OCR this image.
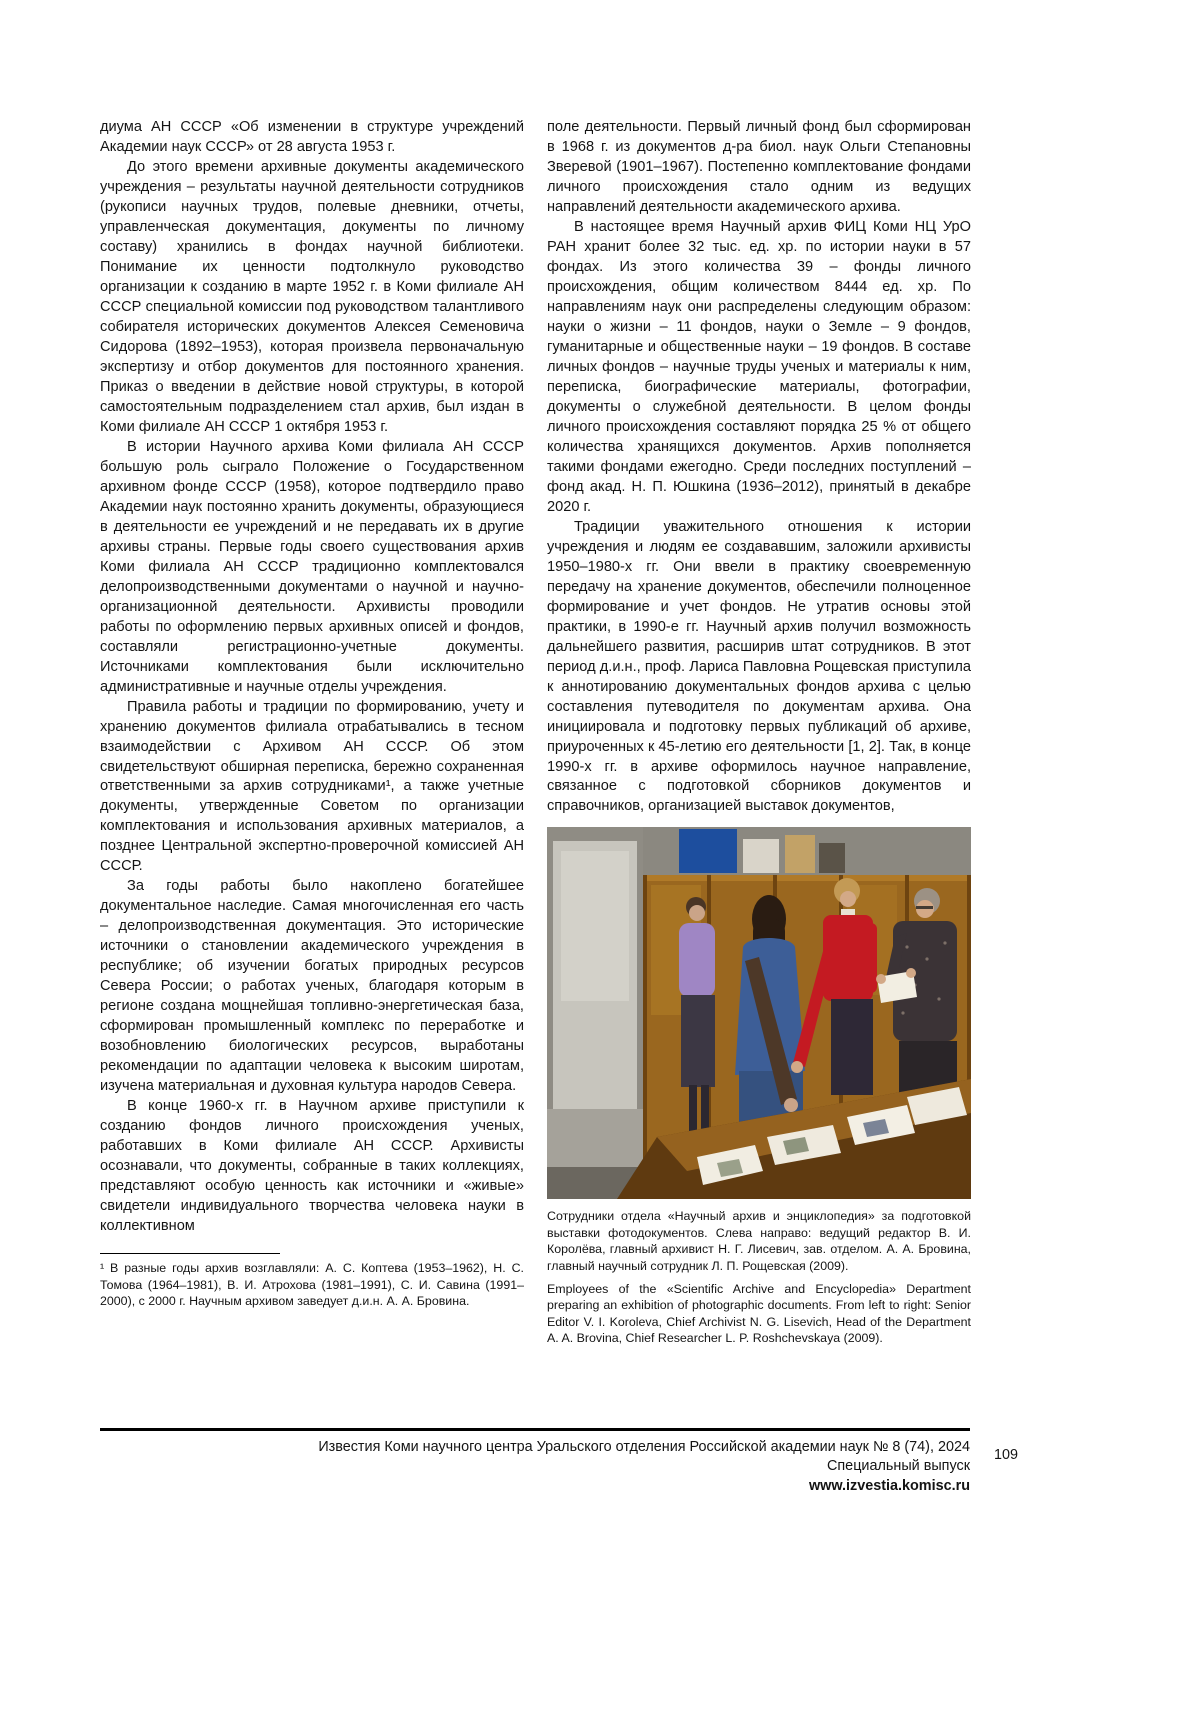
диума АН СССР «Об изменении в структуре учреждений Академии наук СССР» от 28 августа 1953 г.

До этого времени архивные документы академического учреждения – результаты научной деятельности сотрудников (рукописи научных трудов, полевые дневники, отчеты, управленческая документация, документы по личному составу) хранились в фондах научной библиотеки. Понимание их ценности подтолкнуло руководство организации к созданию в марте 1952 г. в Коми филиале АН СССР специальной комиссии под руководством талантливого собирателя исторических документов Алексея Семеновича Сидорова (1892–1953), которая произвела первоначальную экспертизу и отбор документов для постоянного хранения. Приказ о введении в действие новой структуры, в которой самостоятельным подразделением стал архив, был издан в Коми филиале АН СССР 1 октября 1953 г.

В истории Научного архива Коми филиала АН СССР большую роль сыграло Положение о Государственном архивном фонде СССР (1958), которое подтвердило право Академии наук постоянно хранить документы, образующиеся в деятельности ее учреждений и не передавать их в другие архивы страны. Первые годы своего существования архив Коми филиала АН СССР традиционно комплектовался делопроизводственными документами о научной и научно-организационной деятельности. Архивисты проводили работы по оформлению первых архивных описей и фондов, составляли регистрационно-учетные документы. Источниками комплектования были исключительно административные и научные отделы учреждения.

Правила работы и традиции по формированию, учету и хранению документов филиала отрабатывались в тесном взаимодействии с Архивом АН СССР. Об этом свидетельствуют обширная переписка, бережно сохраненная ответственными за архив сотрудниками¹, а также учетные документы, утвержденные Советом по организации комплектования и использования архивных материалов, а позднее Центральной экспертно-проверочной комиссией АН СССР.

За годы работы было накоплено богатейшее документальное наследие. Самая многочисленная его часть – делопроизводственная документация. Это исторические источники о становлении академического учреждения в республике; об изучении богатых природных ресурсов Севера России; о работах ученых, благодаря которым в регионе создана мощнейшая топливно-энергетическая база, сформирован промышленный комплекс по переработке и возобновлению биологических ресурсов, выработаны рекомендации по адаптации человека к высоким широтам, изучена материальная и духовная культура народов Севера.

В конце 1960-х гг. в Научном архиве приступили к созданию фондов личного происхождения ученых, работавших в Коми филиале АН СССР. Архивисты осознавали, что документы, собранные в таких коллекциях, представляют особую ценность как источники и «живые» свидетели индивидуального творчества человека науки в коллективном

¹ В разные годы архив возглавляли: А. С. Коптева (1953–1962), Н. С. Томова (1964–1981), В. И. Атрохова (1981–1991), С. И. Савина (1991–2000), с 2000 г. Научным архивом заведует д.и.н. А. А. Бровина.

поле деятельности. Первый личный фонд был сформирован в 1968 г. из документов д-ра биол. наук Ольги Степановны Зверевой (1901–1967). Постепенно комплектование фондами личного происхождения стало одним из ведущих направлений деятельности академического архива.

В настоящее время Научный архив ФИЦ Коми НЦ УрО РАН хранит более 32 тыс. ед. хр. по истории науки в 57 фондах. Из этого количества 39 – фонды личного происхождения, общим количеством 8444 ед. хр. По направлениям наук они распределены следующим образом: науки о жизни – 11 фондов, науки о Земле – 9 фондов, гуманитарные и общественные науки – 19 фондов. В составе личных фондов – научные труды ученых и материалы к ним, переписка, биографические материалы, фотографии, документы о служебной деятельности. В целом фонды личного происхождения составляют порядка 25 % от общего количества хранящихся документов. Архив пополняется такими фондами ежегодно. Среди последних поступлений – фонд акад. Н. П. Юшкина (1936–2012), принятый в декабре 2020 г.

Традиции уважительного отношения к истории учреждения и людям ее создававшим, заложили архивисты 1950–1980-х гг. Они ввели в практику своевременную передачу на хранение документов, обеспечили полноценное формирование и учет фондов. Не утратив основы этой практики, в 1990-е гг. Научный архив получил возможность дальнейшего развития, расширив штат сотрудников. В этот период д.и.н., проф. Лариса Павловна Рощевская приступила к аннотированию документальных фондов архива с целью составления путеводителя по документам архива. Она инициировала и подготовку первых публикаций об архиве, приуроченных к 45-летию его деятельности [1, 2]. Так, в конце 1990-х гг. в архиве оформилось научное направление, связанное с подготовкой сборников документов и справочников, организацией выставок документов,

Сотрудники отдела «Научный архив и энциклопедия» за подготовкой выставки фотодокументов. Слева направо: ведущий редактор В. И. Королёва, главный архивист Н. Г. Лисевич, зав. отделом. А. А. Бровина, главный научный сотрудник Л. П. Рощевская (2009).
Employees of the «Scientific Archive and Encyclopedia» Department preparing an exhibition of photographic documents. From left to right: Senior Editor V. I. Koroleva, Chief Archivist N. G. Lisevich, Head of the Department A. A. Brovina, Chief Researcher L. P. Roshchevskaya (2009).
Известия Коми научного центра Уральского отделения Российской академии наук № 8 (74), 2024
Специальный выпуск
www.izvestia.komisc.ru
109
